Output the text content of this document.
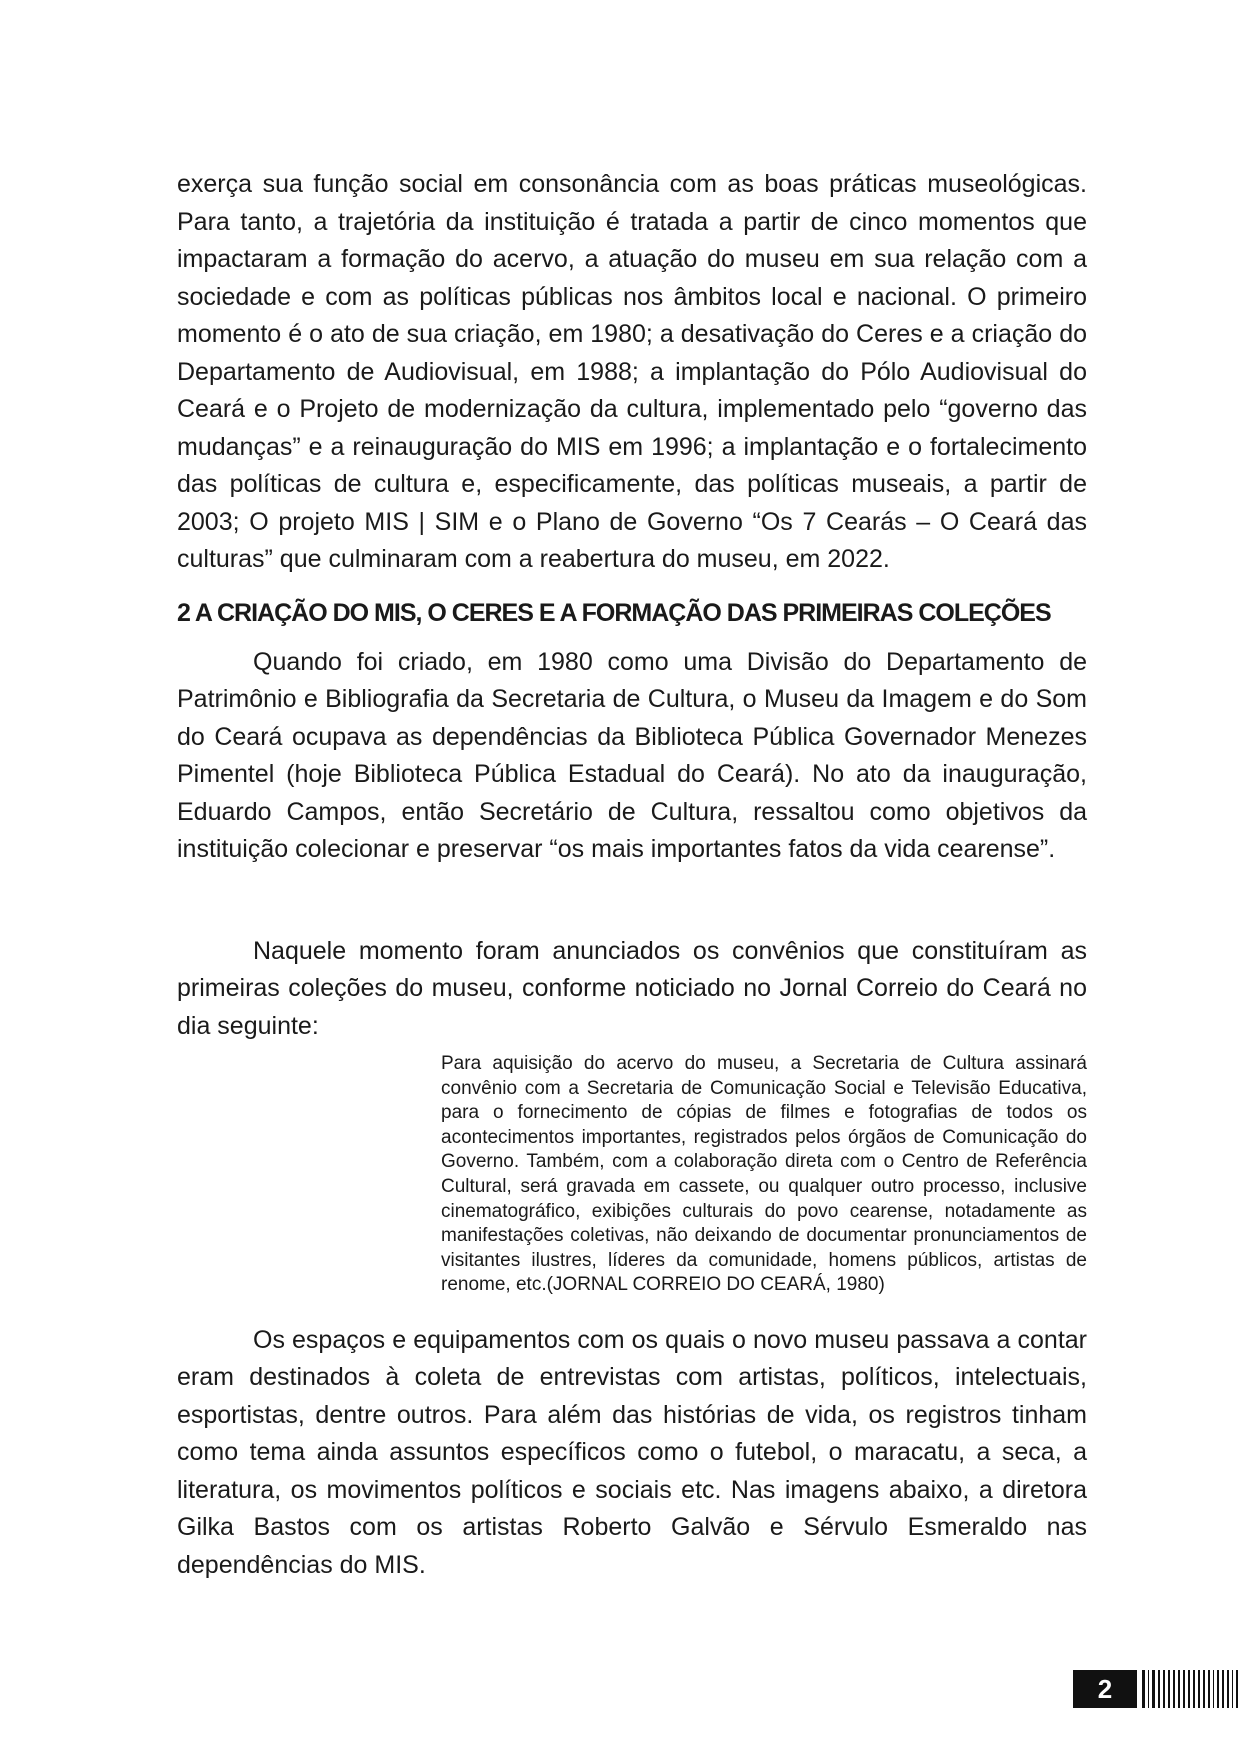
exerça sua função social em consonância com as boas práticas museológicas. Para tanto, a trajetória da instituição é tratada a partir de cinco momentos que impactaram a formação do acervo, a atuação do museu em sua relação com a sociedade e com as políticas públicas nos âmbitos local e nacional. O primeiro momento é o ato de sua criação, em 1980; a desativação do Ceres e a criação do Departamento de Audiovisual, em 1988; a implantação do Pólo Audiovisual do Ceará e o Projeto de modernização da cultura, implementado pelo “governo das mudanças” e a reinauguração do MIS em 1996; a implantação e o fortalecimento das políticas de cultura e, especificamente, das políticas museais, a partir de 2003; O projeto MIS | SIM e o Plano de Governo “Os 7 Cearás – O Ceará das culturas” que culminaram com a reabertura do museu, em 2022.

2 A CRIAÇÃO DO MIS, O CERES E A FORMAÇÃO DAS PRIMEIRAS COLEÇÕES

Quando foi criado, em 1980 como uma Divisão do Departamento de Patrimônio e Bibliografia da Secretaria de Cultura, o Museu da Imagem e do Som do Ceará ocupava as dependências da Biblioteca Pública Governador Menezes Pimentel (hoje Biblioteca Pública Estadual do Ceará). No ato da inauguração, Eduardo Campos, então Secretário de Cultura, ressaltou como objetivos da instituição colecionar e preservar “os mais importantes fatos da vida cearense”.

Naquele momento foram anunciados os convênios que constituíram as primeiras coleções do museu, conforme noticiado no Jornal Correio do Ceará no dia seguinte:

Para aquisição do acervo do museu, a Secretaria de Cultura assinará convênio com a Secretaria de Comunicação Social e Televisão Educativa, para o fornecimento de cópias de filmes e fotografias de todos os acontecimentos importantes, registrados pelos órgãos de Comunicação do Governo. Também, com a colaboração direta com o Centro de Referência Cultural, será gravada em cassete, ou qualquer outro processo, inclusive cinematográfico, exibições culturais do povo cearense, notadamente as manifestações coletivas, não deixando de documentar pronunciamentos de visitantes ilustres, líderes da comunidade, homens públicos, artistas de renome, etc.(JORNAL CORREIO DO CEARÁ, 1980)

Os espaços e equipamentos com os quais o novo museu passava a contar eram destinados à coleta de entrevistas com artistas, políticos, intelectuais, esportistas, dentre outros. Para além das histórias de vida, os registros tinham como tema ainda assuntos específicos como o futebol, o maracatu, a seca, a literatura, os movimentos políticos e sociais etc. Nas imagens abaixo, a diretora Gilka Bastos com os artistas Roberto Galvão e Sérvulo Esmeraldo nas dependências do MIS.

2
